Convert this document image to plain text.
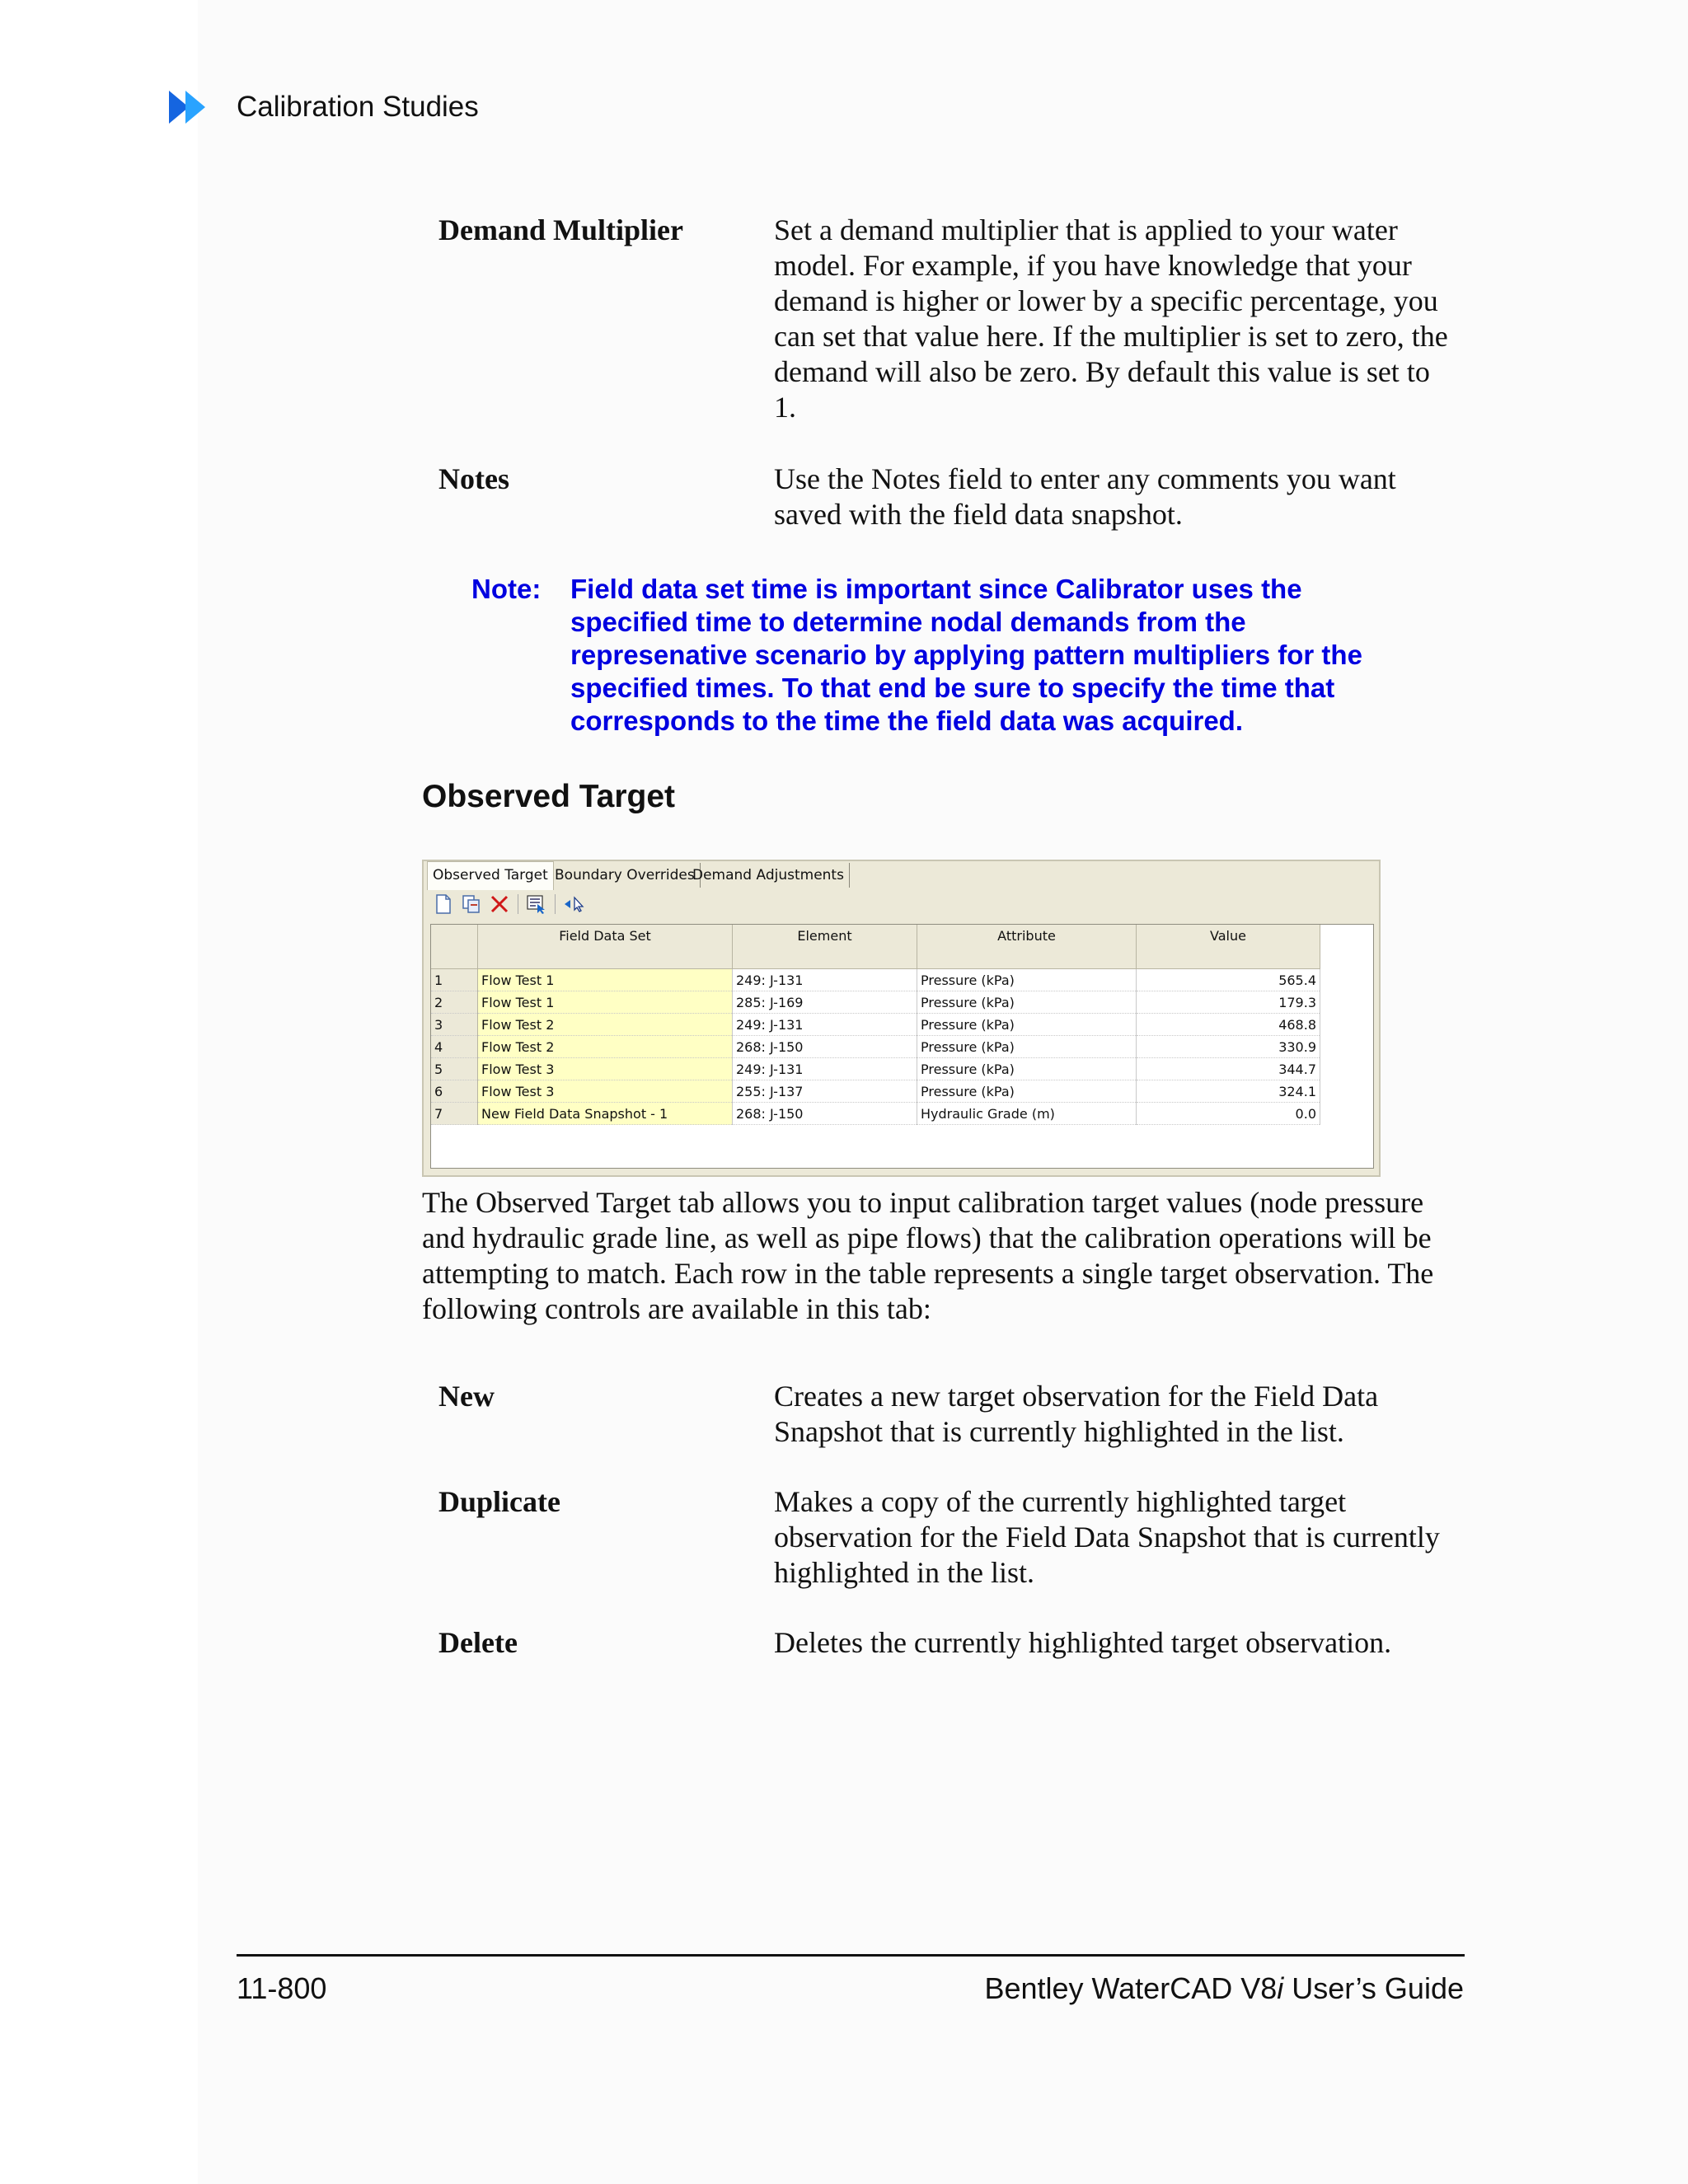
Calibration Studies
Demand Multiplier	Set a demand multiplier that is applied to your water model. For example, if you have knowledge that your demand is higher or lower by a specific percentage, you can set that value here. If the multiplier is set to zero, the demand will also be zero. By default this value is set to 1.
Notes	Use the Notes field to enter any comments you want saved with the field data snapshot.
Note: Field data set time is important since Calibrator uses the specified time to determine nodal demands from the represenative scenario by applying pattern multipliers for the specified times. To that end be sure to specify the time that corresponds to the time the field data was acquired.
Observed Target
Observed Target Boundary Overrides
Demand Adjustments
	Field Data Set	Element	Attribute	Value
1	Flow Test 1	249: J-131	Pressure (kPa)	565.4
2	Flow Test 1	285: J-169	Pressure (kPa)	179.3
3	Flow Test 2	249: J-131	Pressure (kPa)	468.8
4	Flow Test 2	268: J-150	Pressure (kPa)	330.9
5	Flow Test 3	249: J-131	Pressure (kPa)	344.7
6	Flow Test 3	255: J-137	Pressure (kPa)	324.1
7	New Field Data Snapshot - 1	268: J-150	Hydraulic Grade (m)	0.0
The Observed Target tab allows you to input calibration target values (node pressure and hydraulic grade line, as well as pipe flows) that the calibration operations will be attempting to match. Each row in the table represents a single target observation. The following controls are available in this tab:
New	Creates a new target observation for the Field Data Snapshot that is currently highlighted in the list.
Duplicate	Makes a copy of the currently highlighted target observation for the Field Data Snapshot that is currently highlighted in the list.
Delete	Deletes the currently highlighted target observation.
11-800	Bentley WaterCAD V8i User’s Guide
